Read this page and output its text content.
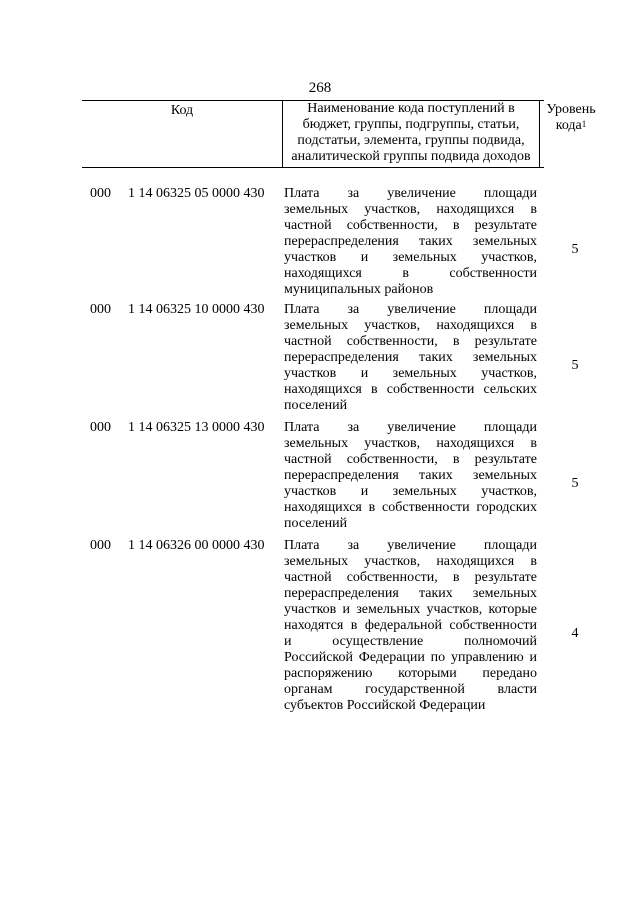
268
Код	Наименование кода поступлений в
бюджет, группы, подгруппы, статьи,
подстатьи, элемента, группы подвида,
аналитической группы подвида доходов
Уровень
кода$^1$
000 1 14 06325 05 0000 430 Плата за увеличение площади
земельных участков, находящихся в
частной собственности, в результате
перераспределения таких земельных
участков и земельных участков,
находящихся в собственности
муниципальных районов
5
000 1 14 06325 10 0000 430 Плата за увеличение площади
земельных участков, находящихся в
частной собственности, в результате
перераспределения таких земельных
участков и земельных участков,
находящихся в собственности сельских
поселений
5
000 1 14 06325 13 0000 430 Плата за увеличение площади
земельных участков, находящихся в
частной собственности, в результате
перераспределения таких земельных
участков и земельных участков,
находящихся в собственности городских
поселений
5
000 1 14 06326 00 0000 430 Плата за увеличение площади
земельных участков, находящихся в
частной собственности, в результате
перераспределения таких земельных
участков и земельных участков, которые
находятся в федеральной собственности
и осуществление полномочий
Российской Федерации по управлению и
распоряжению которыми передано
органам государственной власти
субъектов Российской Федерации
4
